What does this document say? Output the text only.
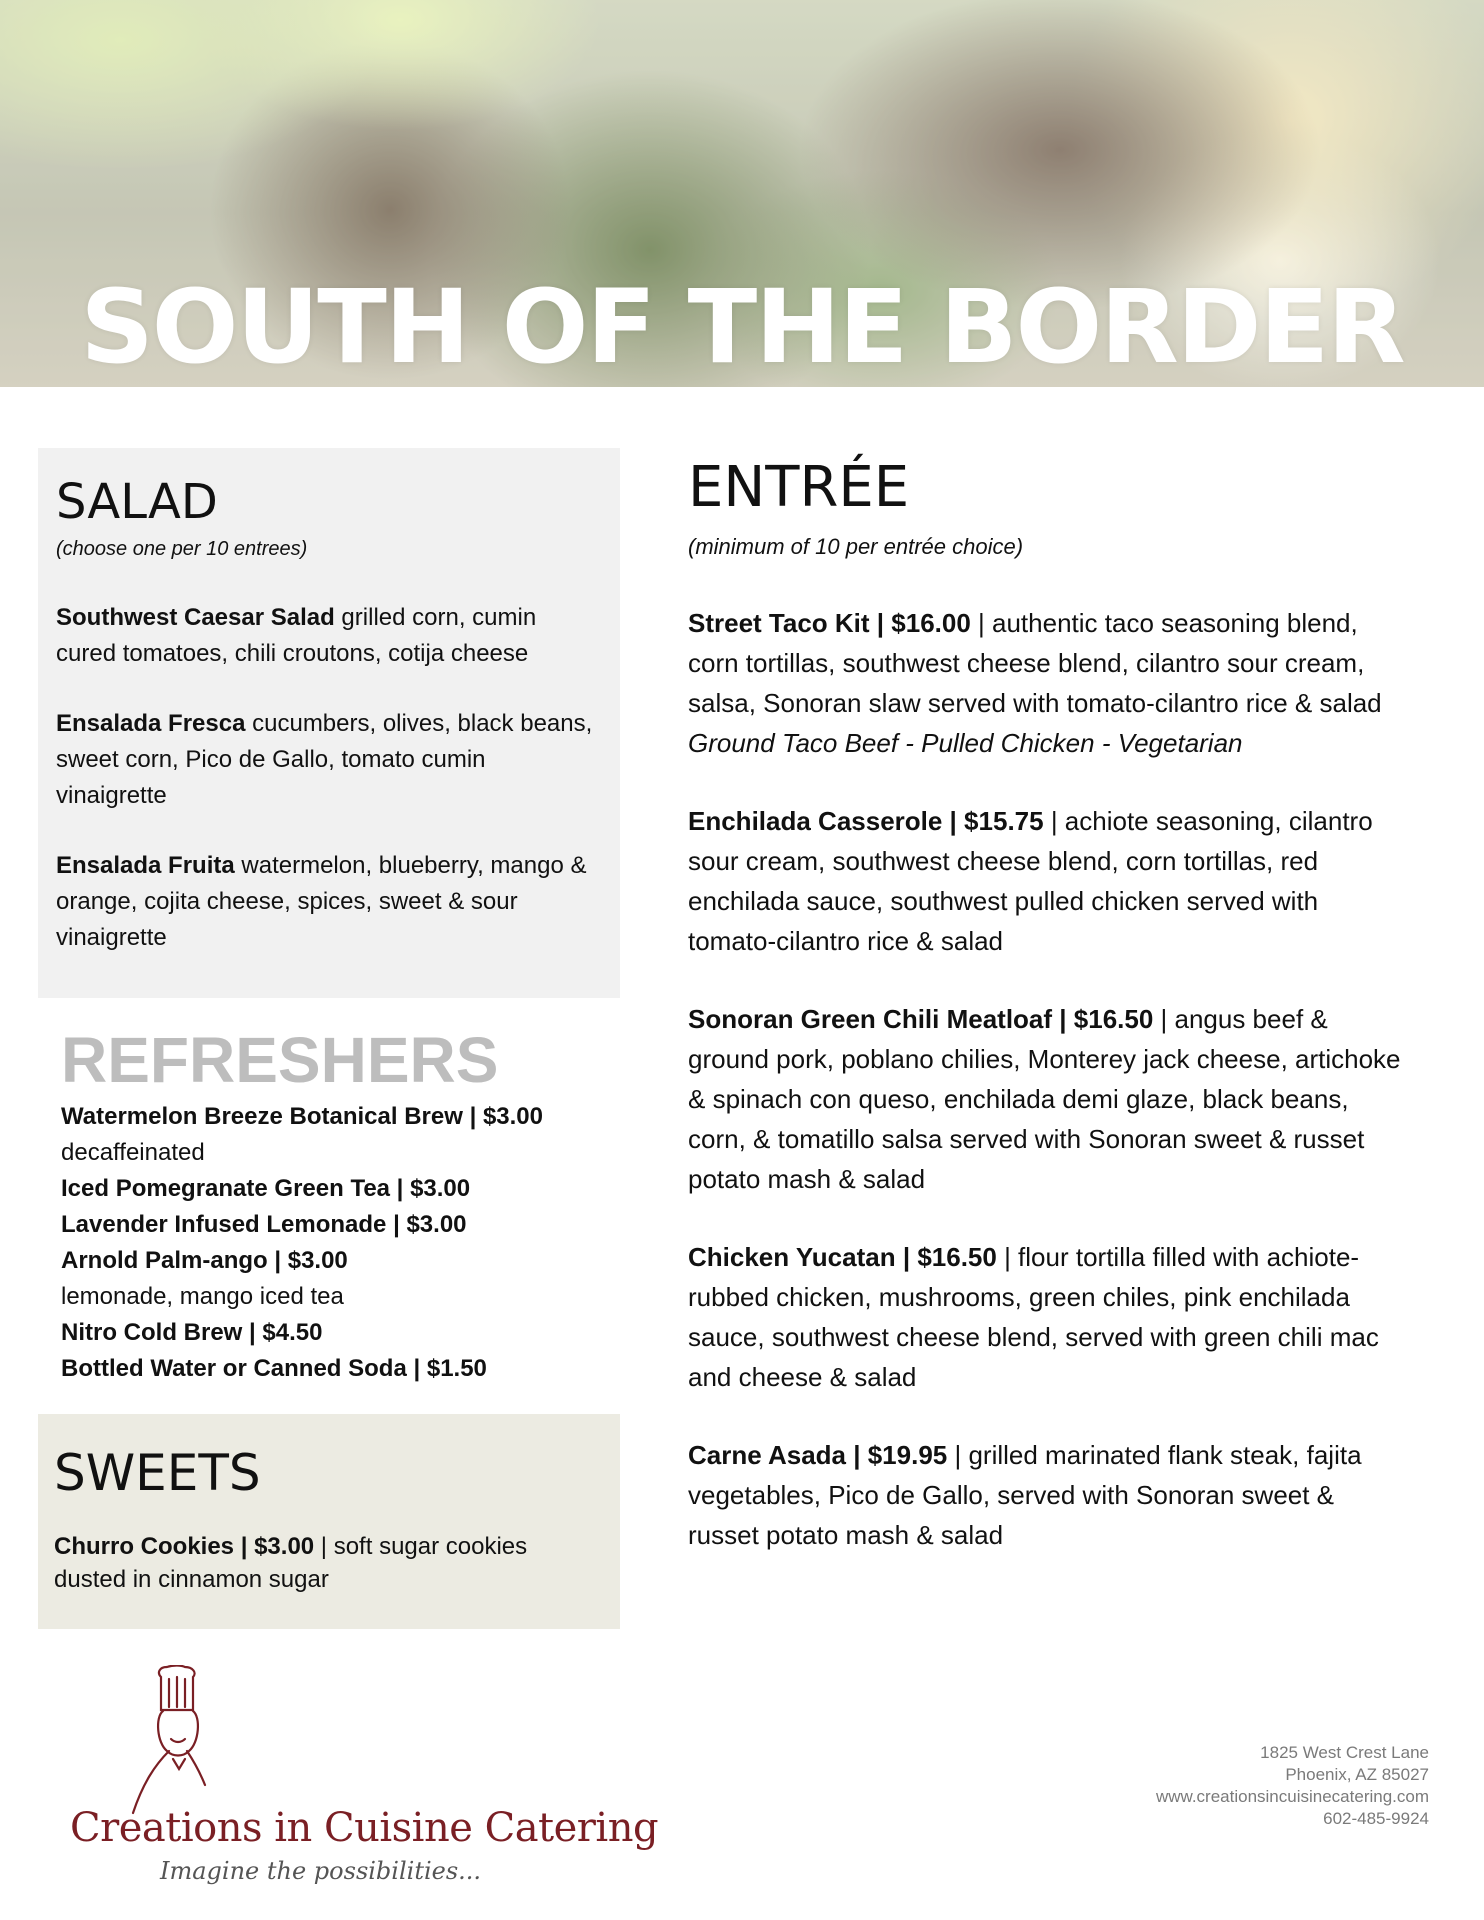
SOUTH OF THE BORDER
SALAD
(choose one per 10 entrees)
Southwest Caesar Salad grilled corn, cumin cured tomatoes, chili croutons, cotija cheese
Ensalada Fresca cucumbers, olives, black beans, sweet corn, Pico de Gallo, tomato cumin vinaigrette
Ensalada Fruita watermelon, blueberry, mango & orange, cojita cheese, spices, sweet & sour vinaigrette
REFRESHERS
Watermelon Breeze Botanical Brew | $3.00
decaffeinated
Iced Pomegranate Green Tea | $3.00
Lavender Infused Lemonade | $3.00
Arnold Palm-ango | $3.00
lemonade, mango iced tea
Nitro Cold Brew | $4.50
Bottled Water or Canned Soda | $1.50
SWEETS
Churro Cookies | $3.00 | soft sugar cookies dusted in cinnamon sugar
ENTRÉE
(minimum of 10 per entrée choice)
Street Taco Kit | $16.00 | authentic taco seasoning blend, corn tortillas, southwest cheese blend, cilantro sour cream, salsa, Sonoran slaw served with tomato-cilantro rice & salad
Ground Taco Beef - Pulled Chicken - Vegetarian
Enchilada Casserole | $15.75 | achiote seasoning, cilantro sour cream, southwest cheese blend, corn tortillas, red enchilada sauce, southwest pulled chicken served with tomato-cilantro rice & salad
Sonoran Green Chili Meatloaf | $16.50 | angus beef & ground pork, poblano chilies, Monterey jack cheese, artichoke & spinach con queso, enchilada demi glaze, black beans, corn, & tomatillo salsa served with Sonoran sweet & russet potato mash & salad
Chicken Yucatan | $16.50 | flour tortilla filled with achiote-rubbed chicken, mushrooms, green chiles, pink enchilada sauce, southwest cheese blend, served with green chili mac and cheese & salad
Carne Asada | $19.95 | grilled marinated flank steak, fajita vegetables, Pico de Gallo, served with Sonoran sweet & russet potato mash & salad
Creations in Cuisine Catering
Imagine the possibilities...
1825 West Crest Lane
Phoenix, AZ 85027
www.creationsincuisinecatering.com
602-485-9924
